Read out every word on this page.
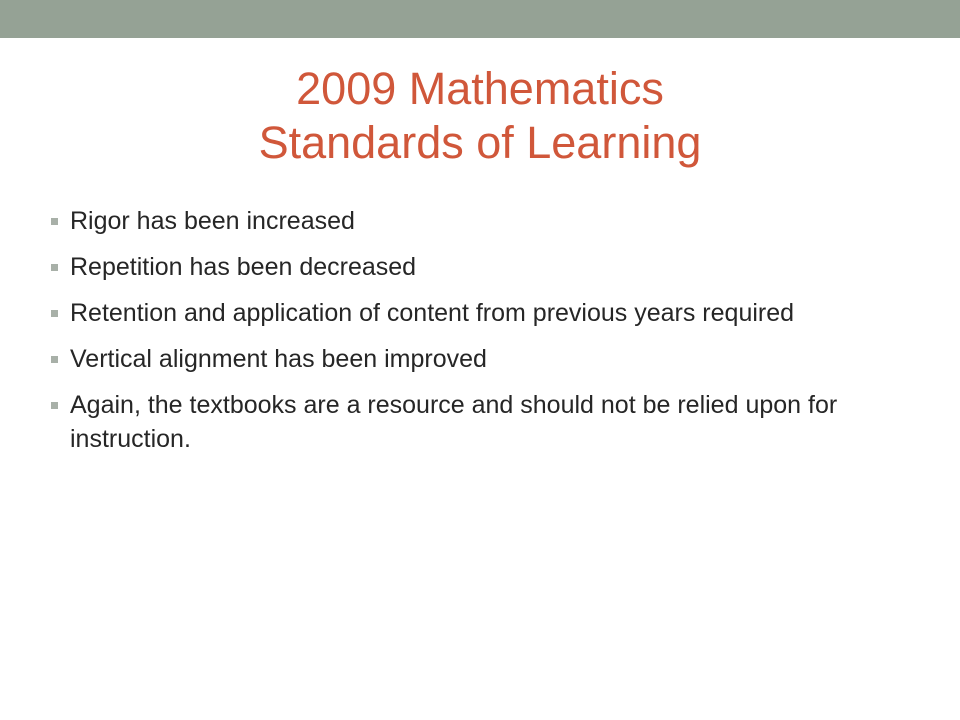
2009 Mathematics
Standards of Learning
Rigor has been increased
Repetition has been decreased
Retention and application of content from previous years required
Vertical alignment has been improved
Again, the textbooks are a resource and should not be relied upon for instruction.
